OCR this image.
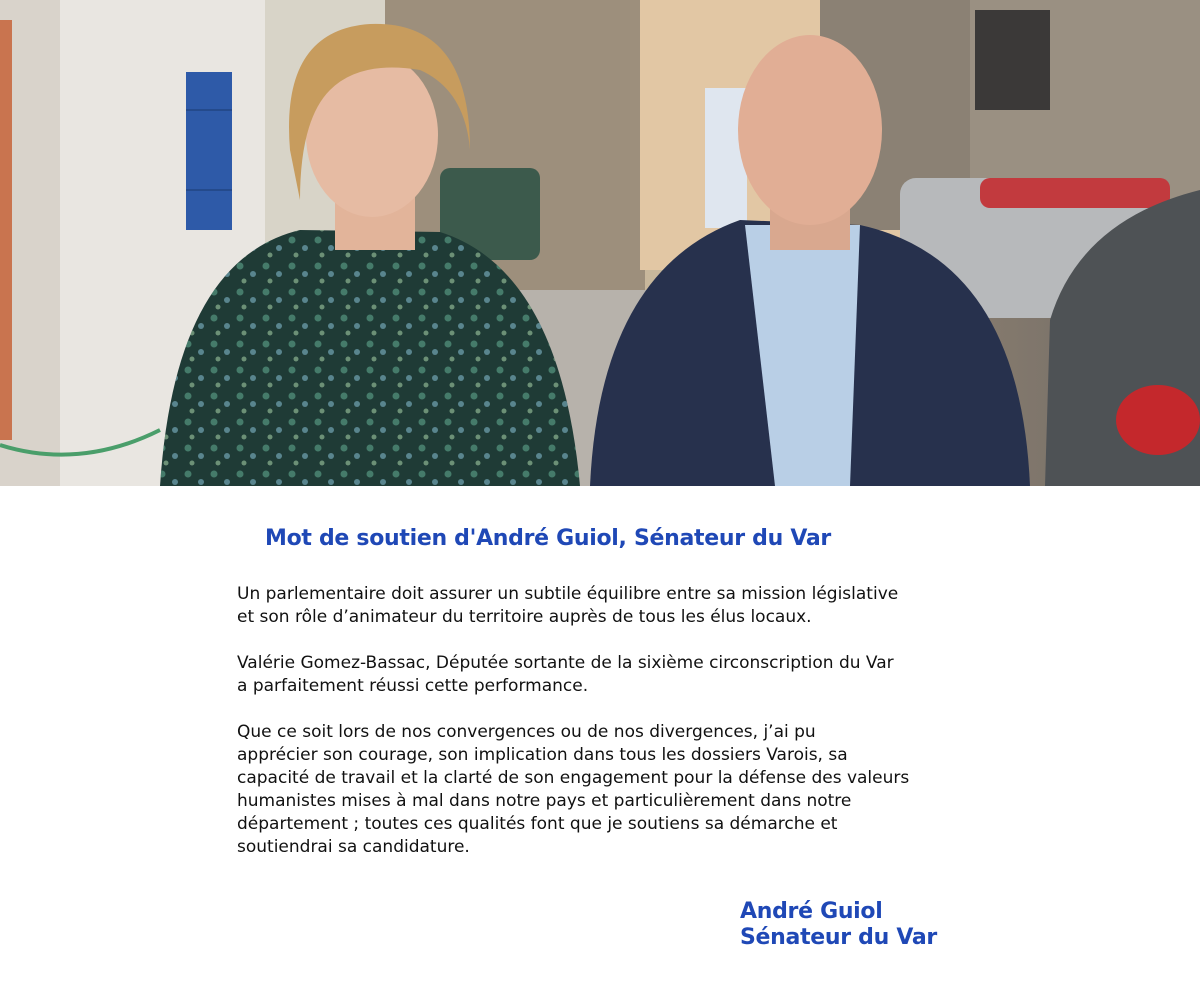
Mot de soutien d'André Guiol, Sénateur du Var

Un parlementaire doit assurer un subtile équilibre entre sa mission législative
et son rôle d’animateur du territoire auprès de tous les élus locaux.

Valérie Gomez-Bassac, Députée sortante de la sixième circonscription du Var
a parfaitement réussi cette performance.

Que ce soit lors de nos convergences ou de nos divergences, j’ai pu
apprécier son courage, son implication dans tous les dossiers Varois, sa
capacité de travail et la clarté de son engagement pour la défense des valeurs
humanistes mises à mal dans notre pays et particulièrement dans notre
département ; toutes ces qualités font que je soutiens sa démarche et
soutiendrai sa candidature.

André Guiol
Sénateur du Var
